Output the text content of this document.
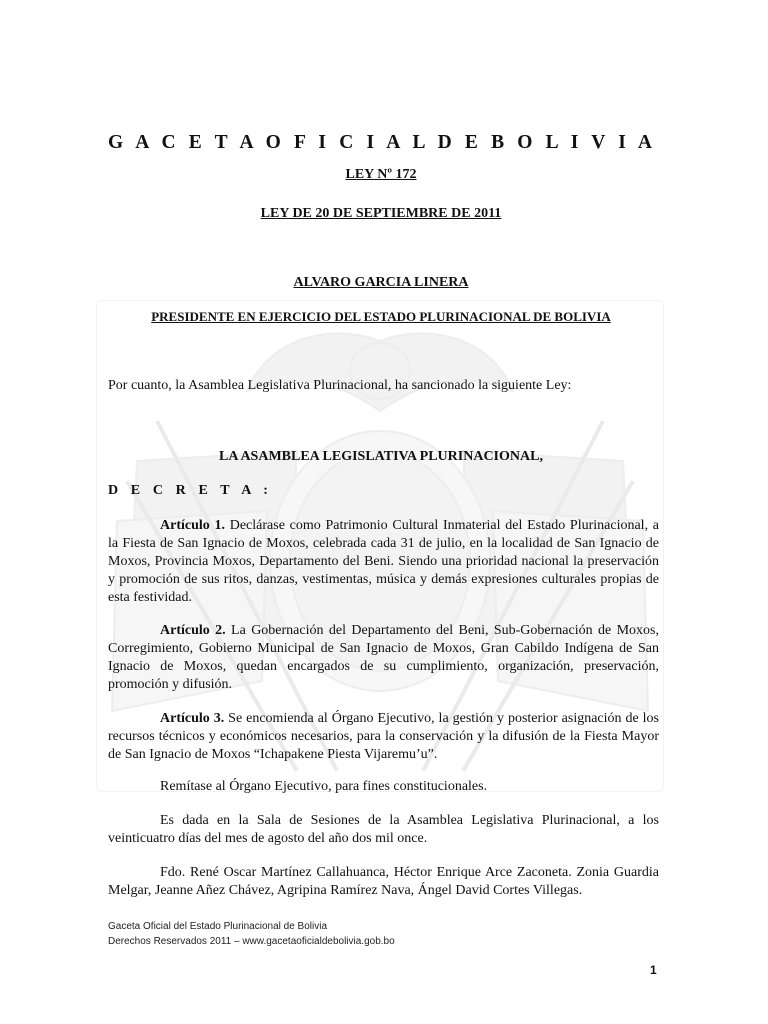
G A C E T A O F I C I A L D E B O L I V I A
LEY Nº 172
LEY DE 20 DE SEPTIEMBRE DE 2011
ALVARO GARCIA LINERA
PRESIDENTE EN EJERCICIO DEL ESTADO PLURINACIONAL DE BOLIVIA
Por cuanto, la Asamblea Legislativa Plurinacional, ha sancionado la siguiente Ley:
LA ASAMBLEA LEGISLATIVA PLURINACIONAL,
D E C R E T A :
Artículo 1. Declárase como Patrimonio Cultural Inmaterial del Estado Plurinacional, a la Fiesta de San Ignacio de Moxos, celebrada cada 31 de julio, en la localidad de San Ignacio de Moxos, Provincia Moxos, Departamento del Beni. Siendo una prioridad nacional la preservación y promoción de sus ritos, danzas, vestimentas, música y demás expresiones culturales propias de esta festividad.
Artículo 2. La Gobernación del Departamento del Beni, Sub-Gobernación de Moxos, Corregimiento, Gobierno Municipal de San Ignacio de Moxos, Gran Cabildo Indígena de San Ignacio de Moxos, quedan encargados de su cumplimiento, organización, preservación, promoción y difusión.
Artículo 3. Se encomienda al Órgano Ejecutivo, la gestión y posterior asignación de los recursos técnicos y económicos necesarios, para la conservación y la difusión de la Fiesta Mayor de San Ignacio de Moxos “Ichapakene Piesta Vijaremu’u”.
Remítase al Órgano Ejecutivo, para fines constitucionales.
Es dada en la Sala de Sesiones de la Asamblea Legislativa Plurinacional, a los veinticuatro días del mes de agosto del año dos mil once.
Fdo. René Oscar Martínez Callahuanca, Héctor Enrique Arce Zaconeta. Zonia Guardia Melgar, Jeanne Añez Chávez, Agripina Ramírez Nava, Ángel David Cortes Villegas.
Gaceta Oficial del Estado Plurinacional de Bolivia
Derechos Reservados 2011 – www.gacetaoficialdebolivia.gob.bo
1
